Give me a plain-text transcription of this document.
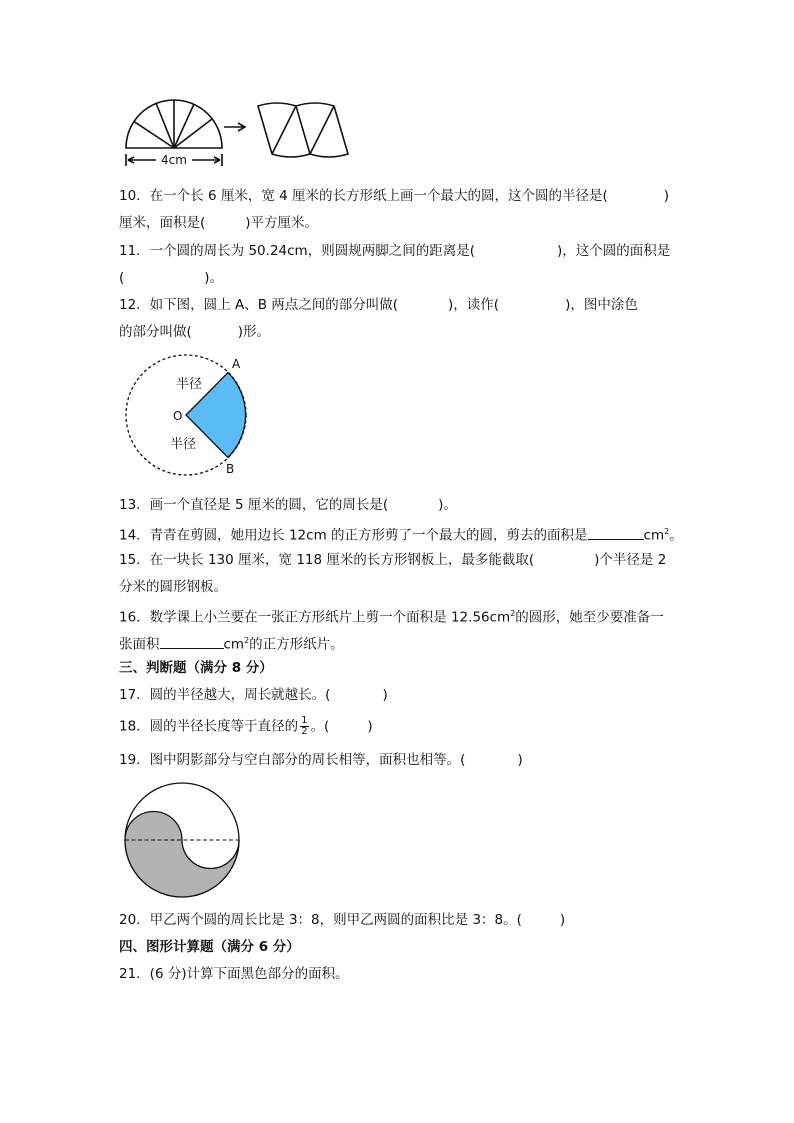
4cm
10．在一个长 6 厘米，宽 4 厘米的长方形纸上画一个最大的圆，这个圆的半径是(	)
厘米，面积是(	)平方厘米。
11．一个圆的周长为 50.24cm，则圆规两脚之间的距离是(	)，这个圆的面积是
(	)。
12．如下图，圆上 A、B 两点之间的部分叫做(	)，读作(	)，图中涂色
的部分叫做(	)形。
A
B
O
半径
半径
13．画一个直径是 5 厘米的圆，它的周长是(	)。
14．青青在剪圆，她用边长 12cm 的正方形剪了一个最大的圆，剪去的面积是	$cm^2$。
15．在一块长 130 厘米，宽 118 厘米的长方形钢板上，最多能截取(	)个半径是 2
分米的圆形钢板。
16．数学课上小兰要在一张正方形纸片上剪一个面积是 $12.56cm^2$的圆形，她至少要准备一
张面积	$cm^2$的正方形纸片。
三、判断题（满分 8 分）
17．圆的半径越大，周长就越长。(	)
18．圆的半径长度等于直径的 $\frac{1}{2}$ 。(	)
19．图中阴影部分与空白部分的周长相等，面积也相等。(	)
20．甲乙两个圆的周长比是 3：8，则甲乙两圆的面积比是 3：8。(	)
四、图形计算题（满分 6 分）
21．(6 分)计算下面黑色部分的面积。
